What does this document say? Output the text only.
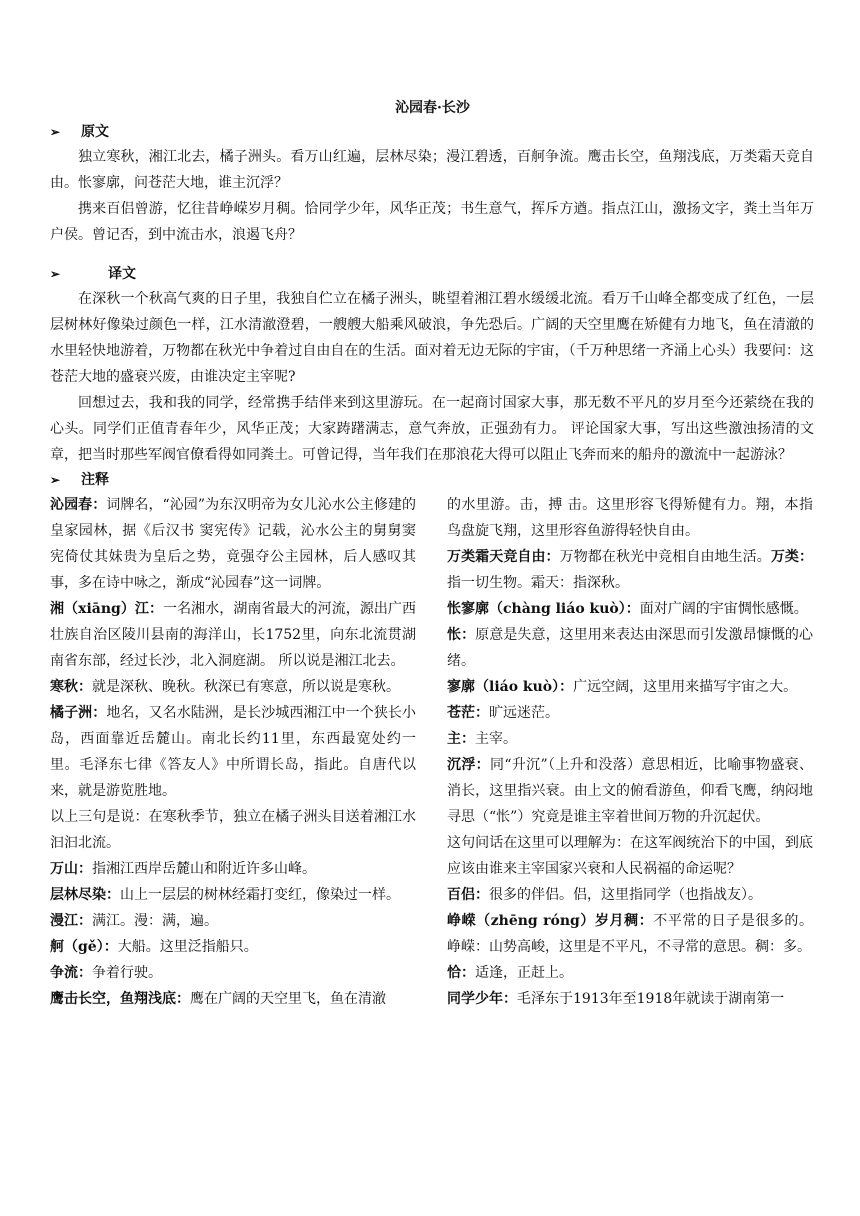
沁园春·长沙
➢ 原文

独立寒秋，湘江北去，橘子洲头。看万山红遍，层林尽染；漫江碧透，百舸争流。鹰击长空，鱼翔浅底，万类霜天竞自由。怅寥廓，问苍茫大地，谁主沉浮？

携来百侣曾游，忆往昔峥嵘岁月稠。恰同学少年，风华正茂；书生意气，挥斥方遒。指点江山，激扬文字，粪土当年万户侯。曾记否，到中流击水，浪遏飞舟？

➢	译文

在深秋一个秋高气爽的日子里，我独自伫立在橘子洲头，眺望着湘江碧水缓缓北流。看万千山峰全都变成了红色，一层层树林好像染过颜色一样，江水清澈澄碧，一艘艘大船乘风破浪，争先恐后。广阔的天空里鹰在矫健有力地飞，鱼在清澈的水里轻快地游着，万物都在秋光中争着过自由自在的生活。面对着无边无际的宇宙，（千万种思绪一齐涌上心头）我要问：这苍茫大地的盛衰兴废，由谁决定主宰呢?

回想过去，我和我的同学，经常携手结伴来到这里游玩。在一起商讨国家大事，那无数不平凡的岁月至今还萦绕在我的心头。同学们正值青春年少，风华正茂；大家踌躇满志，意气奔放，正强劲有力。 评论国家大事，写出这些激浊扬清的文章，把当时那些军阀官僚看得如同粪土。可曾记得，当年我们在那浪花大得可以阻止飞奔而来的船舟的激流中一起游泳？

➢ 注释

沁园春：词牌名，“沁园”为东汉明帝为女儿沁水公主修建的皇家园林，据《后汉书 窦宪传》记载，沁水公主的舅舅窦宪倚仗其妹贵为皇后之势，竟强夺公主园林，后人感叹其事，多在诗中咏之，渐成“沁园春”这一词牌。

湘（xiāng）江：一名湘水，湖南省最大的河流，源出广西壮族自治区陵川县南的海洋山，长1752里，向东北流贯湖南省东部，经过长沙，北入洞庭湖。 所以说是湘江北去。

寒秋：就是深秋、晚秋。秋深已有寒意，所以说是寒秋。

橘子洲：地名，又名水陆洲，是长沙城西湘江中一个狭长小岛，西面靠近岳麓山。南北长约11里，东西最宽处约一里。毛泽东七律《答友人》中所谓长岛，指此。自唐代以来，就是游览胜地。

以上三句是说：在寒秋季节，独立在橘子洲头目送着湘江水汩汩北流。

万山：指湘江西岸岳麓山和附近许多山峰。

层林尽染：山上一层层的树林经霜打变红，像染过一样。

漫江：满江。漫：满，遍。

舸（gě）：大船。这里泛指船只。

争流：争着行驶。

鹰击长空，鱼翔浅底：鹰在广阔的天空里飞，鱼在清澈

的水里游。击，搏 击。这里形容飞得矫健有力。翔，本指鸟盘旋飞翔，这里形容鱼游得轻快自由。

万类霜天竞自由：万物都在秋光中竞相自由地生活。万类：指一切生物。霜天：指深秋。

怅寥廓（chàng liáo kuò）：面对广阔的宇宙惆怅感慨。

怅：原意是失意，这里用来表达由深思而引发激昂慷慨的心绪。

寥廓（liáo kuò）：广远空阔，这里用来描写宇宙之大。

苍茫：旷远迷茫。

主：主宰。

沉浮：同“升沉”（上升和没落）意思相近，比喻事物盛衰、消长，这里指兴衰。由上文的俯看游鱼，仰看飞鹰，纳闷地寻思（“怅”）究竟是谁主宰着世间万物的升沉起伏。

这句问话在这里可以理解为：在这军阀统治下的中国，到底应该由谁来主宰国家兴衰和人民祸福的命运呢？

百侣：很多的伴侣。侣，这里指同学（也指战友）。

峥嵘（zhēng róng）岁月稠：不平常的日子是很多的。峥嵘：山势高峻，这里是不平凡，不寻常的意思。稠：多。

恰：适逢，正赶上。

同学少年：毛泽东于1913年至1918年就读于湖南第一
